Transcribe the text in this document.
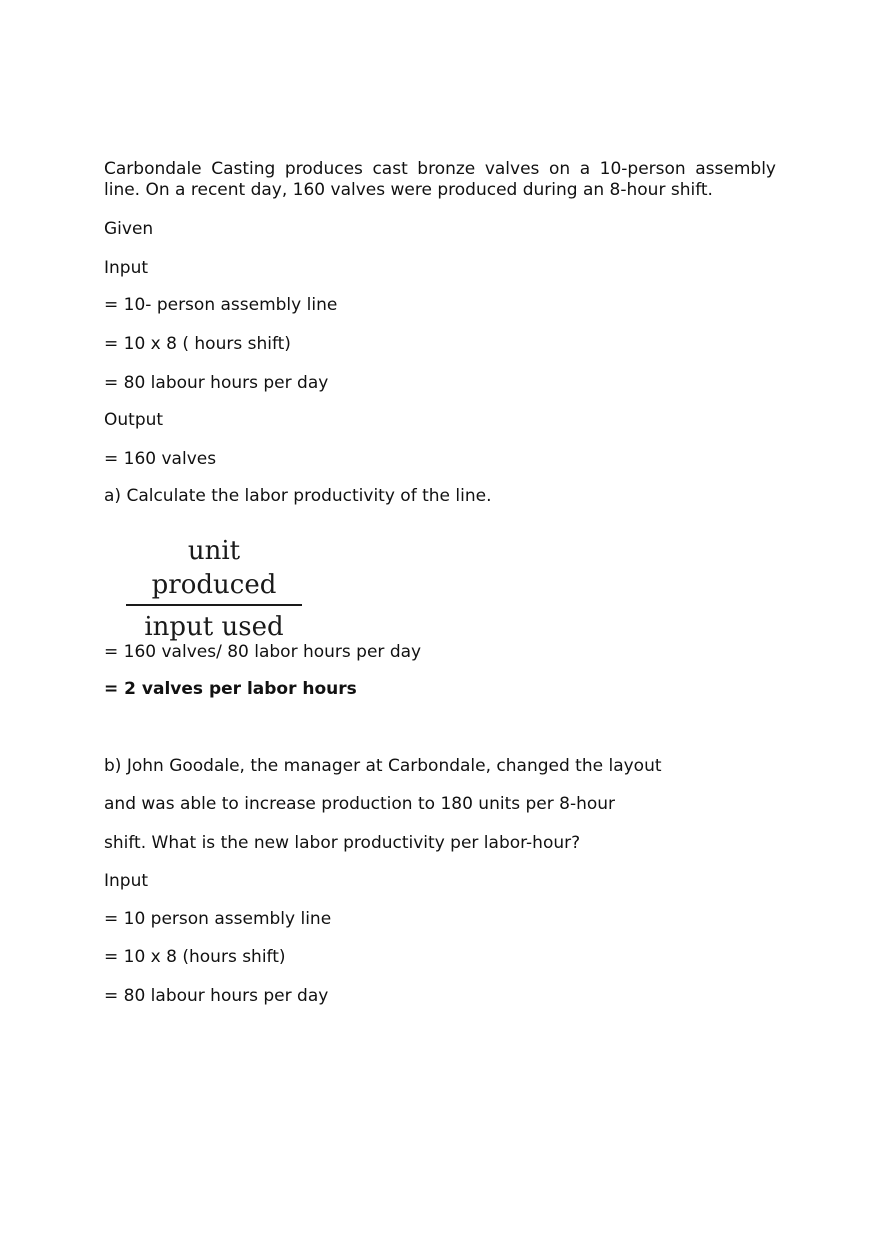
Carbondale Casting produces cast bronze valves on a 10-person assembly line. On a recent day, 160 valves were produced during an 8-hour shift.
Given
Input
= 10- person assembly line
= 10 x 8 ( hours shift)
= 80 labour hours per day
Output
= 160 valves
a) Calculate the labor productivity of the line.
unit produced
input used
= 160 valves/ 80 labor hours per day
= 2 valves per labor hours
b) John Goodale, the manager at Carbondale, changed the layout
and was able to increase production to 180 units per 8-hour
shift. What is the new labor productivity per labor-hour?
Input
= 10 person assembly line
= 10 x 8 (hours shift)
= 80 labour hours per day
